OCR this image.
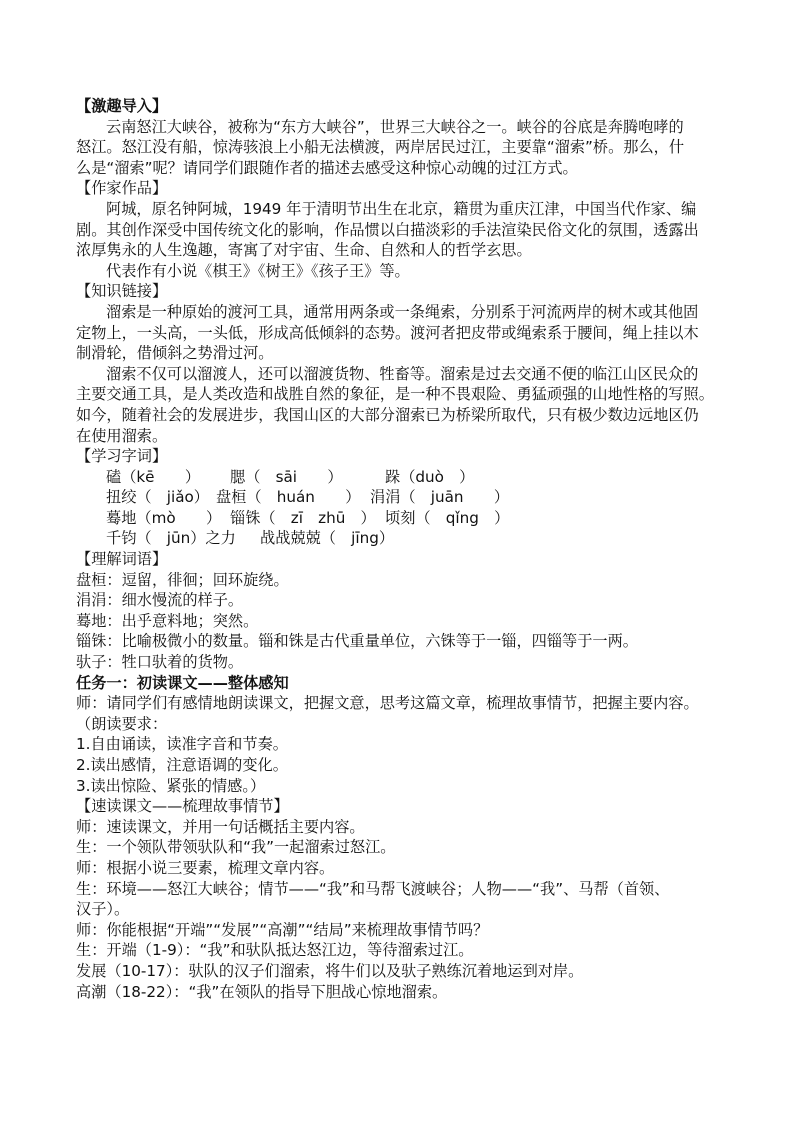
【激趣导入】
云南怒江大峡谷，被称为“东方大峡谷”，世界三大峡谷之一。峡谷的谷底是奔腾咆哮的
怒江。怒江没有船，惊涛骇浪上小船无法横渡，两岸居民过江，主要靠“溜索”桥。那么，什
么是“溜索”呢？请同学们跟随作者的描述去感受这种惊心动魄的过江方式。
【作家作品】
阿城，原名钟阿城，1949 年于清明节出生在北京，籍贯为重庆江津，中国当代作家、编
剧。其创作深受中国传统文化的影响，作品惯以白描淡彩的手法渲染民俗文化的氛围，透露出
浓厚隽永的人生逸趣，寄寓了对宇宙、生命、自然和人的哲学玄思。
代表作有小说《棋王》《树王》《孩子王》等。
【知识链接】
溜索是一种原始的渡河工具，通常用两条或一条绳索，分别系于河流两岸的树木或其他固
定物上，一头高，一头低，形成高低倾斜的态势。渡河者把皮带或绳索系于腰间，绳上挂以木
制滑轮，借倾斜之势滑过河。
溜索不仅可以溜渡人，还可以溜渡货物、牲畜等。溜索是过去交通不便的临江山区民众的
主要交通工具，是人类改造和战胜自然的象征，是一种不畏艰险、勇猛顽强的山地性格的写照。
如今，随着社会的发展进步，我国山区的大部分溜索已为桥梁所取代，只有极少数边远地区仍
在使用溜索。
【学习字词】
磕（kē　　） 腮（　sāi　　）	跺（duò　）
扭绞（　jiǎo） 盘桓（　huán　　） 涓涓（　juān　　）
蓦地（mò　　） 锱铢（　zī　zhū　） 顷刻（　qǐng　）
千钧（　jūn）之力 战战兢兢（　jīng）
【理解词语】
盘桓：逗留，徘徊；回环旋绕。
涓涓：细水慢流的样子。
蓦地：出乎意料地；突然。
锱铢：比喻极微小的数量。锱和铢是古代重量单位，六铢等于一锱，四锱等于一两。
驮子：牲口驮着的货物。
任务一：初读课文——整体感知
师：请同学们有感情地朗读课文，把握文意，思考这篇文章，梳理故事情节，把握主要内容。
（朗读要求：
1.自由诵读，读准字音和节奏。
2.读出感情，注意语调的变化。
3.读出惊险、紧张的情感。）
【速读课文——梳理故事情节】
师：速读课文，并用一句话概括主要内容。
生：一个领队带领驮队和“我”一起溜索过怒江。
师：根据小说三要素，梳理文章内容。
生：环境——怒江大峡谷；情节——“我”和马帮飞渡峡谷；人物——“我”、马帮（首领、
汉子）。
师：你能根据“开端”“发展”“高潮”“结局”来梳理故事情节吗？
生：开端（1-9）：“我”和驮队抵达怒江边，等待溜索过江。
发展（10-17）：驮队的汉子们溜索，将牛们以及驮子熟练沉着地运到对岸。
高潮（18-22）：“我”在领队的指导下胆战心惊地溜索。
